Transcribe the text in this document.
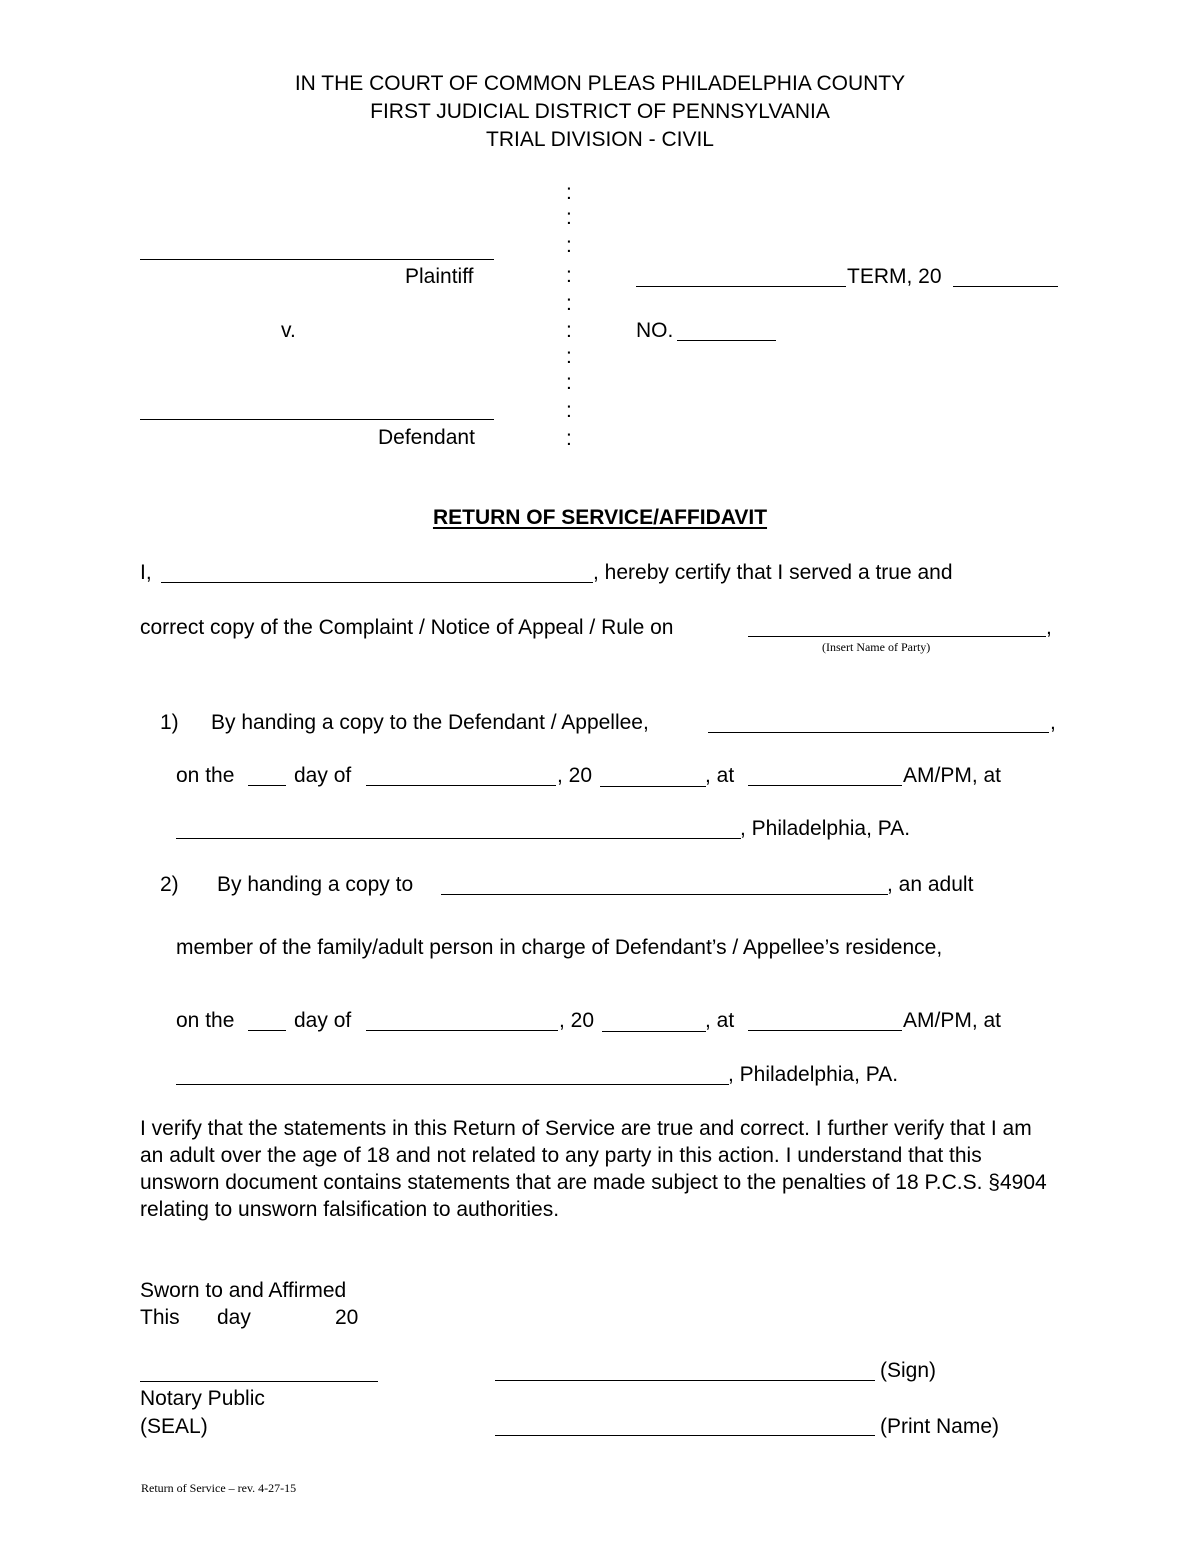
IN THE COURT OF COMMON PLEAS PHILADELPHIA COUNTY
FIRST JUDICIAL DISTRICT OF PENNSYLVANIA
TRIAL DIVISION - CIVIL
:
:
:
:
:
:
:
:
:
:
Plaintiff
v.
Defendant
TERM, 20
NO.
RETURN OF SERVICE/AFFIDAVIT
I,	, hereby certify that I served a true and
correct copy of the Complaint / Notice of Appeal / Rule on	,
(Insert Name of Party)
1) By handing a copy to the Defendant / Appellee,	,
on the	day of	, 20	, at	AM/PM, at
, Philadelphia, PA.
2) By handing a copy to	, an adult
member of the family/adult person in charge of Defendant’s / Appellee’s residence,
on the	day of	, 20	, at	AM/PM, at
, Philadelphia, PA.
I verify that the statements in this Return of Service are true and correct. I further verify that I am an adult over the age of 18 and not related to any party in this action. I understand that this unsworn document contains statements that are made subject to the penalties of 18 P.C.S. §4904 relating to unsworn falsification to authorities.
Sworn to and Affirmed
This day	20
Notary Public
(SEAL)
(Sign)
(Print Name)
Return of Service – rev. 4-27-15
